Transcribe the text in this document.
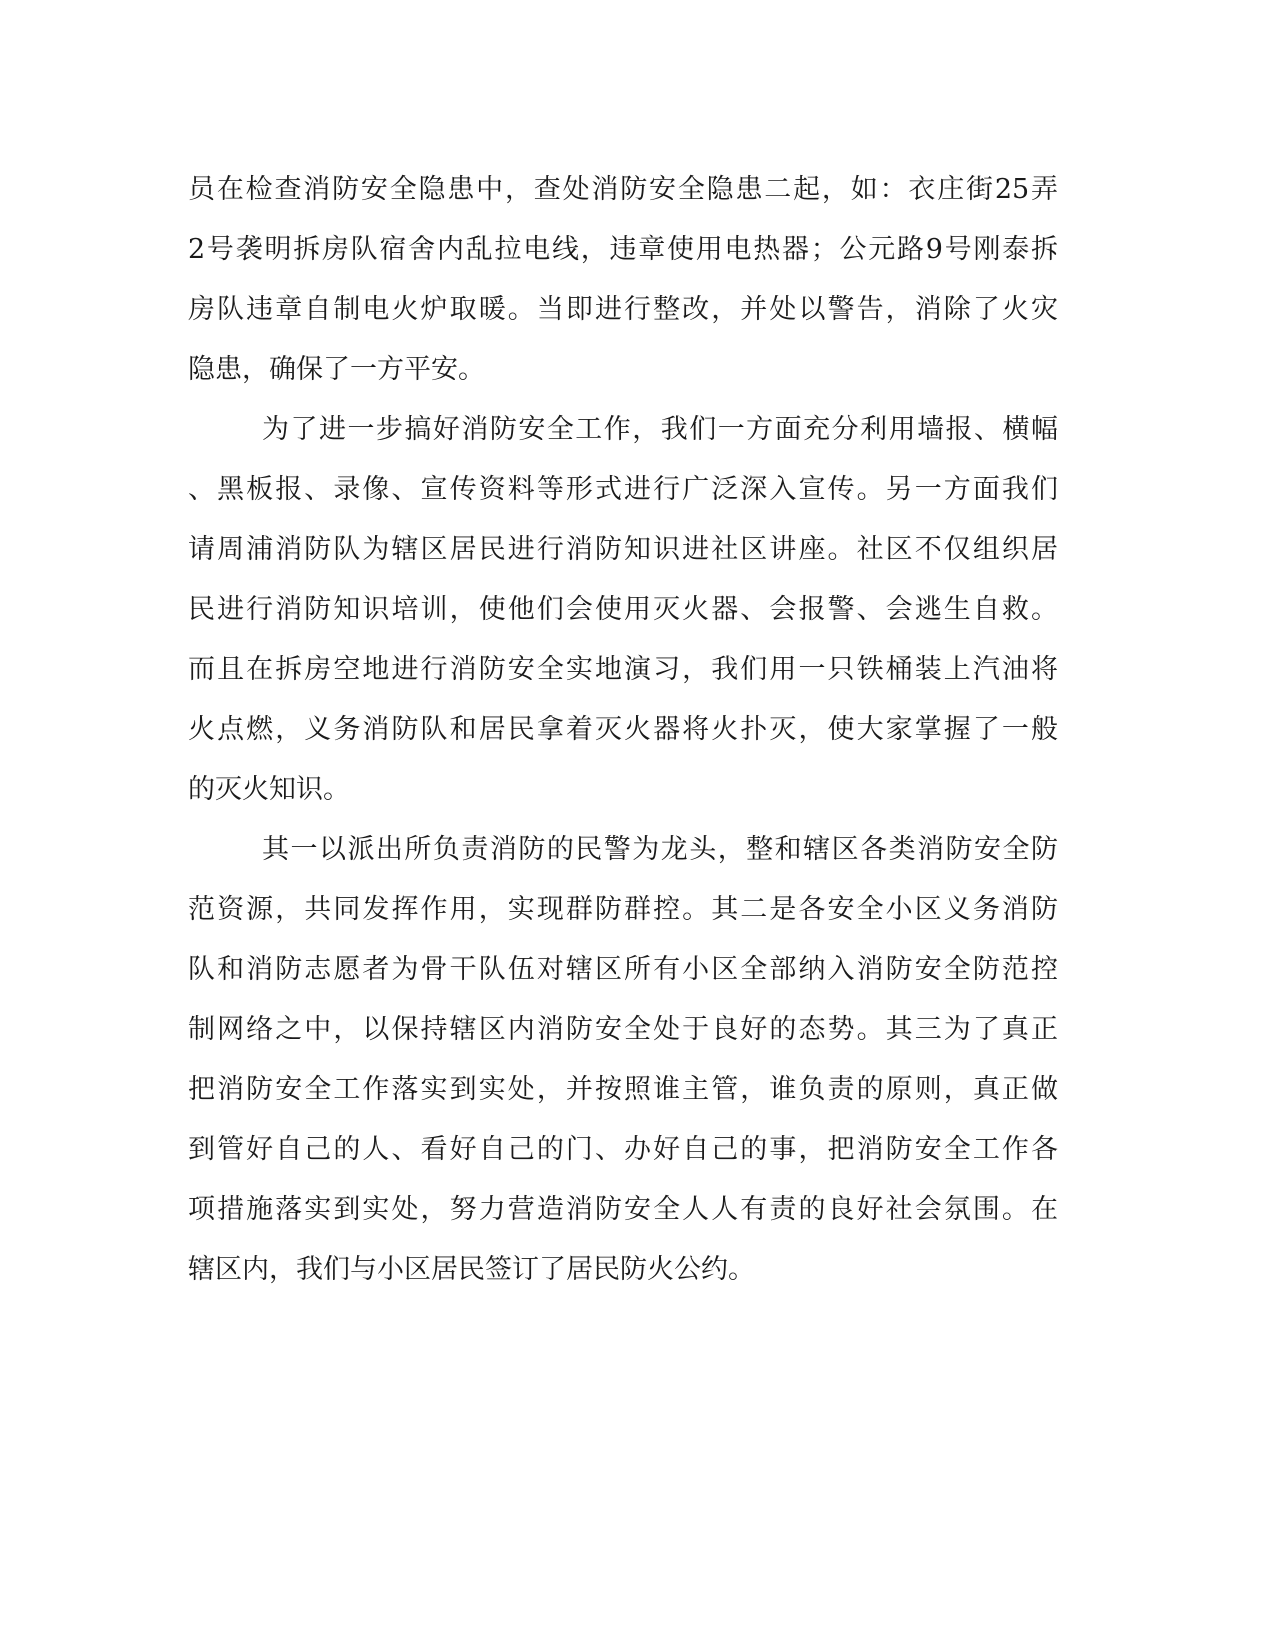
员在检查消防安全隐患中，查处消防安全隐患二起，如：衣庄街25弄
2号袭明拆房队宿舍内乱拉电线，违章使用电热器；公元路9号刚泰拆
房队违章自制电火炉取暖。当即进行整改，并处以警告，消除了火灾
隐患，确保了一方平安。

为了进一步搞好消防安全工作，我们一方面充分利用墙报、横幅
、黑板报、录像、宣传资料等形式进行广泛深入宣传。另一方面我们
请周浦消防队为辖区居民进行消防知识进社区讲座。社区不仅组织居
民进行消防知识培训，使他们会使用灭火器、会报警、会逃生自救。
而且在拆房空地进行消防安全实地演习，我们用一只铁桶装上汽油将
火点燃，义务消防队和居民拿着灭火器将火扑灭，使大家掌握了一般
的灭火知识。

其一以派出所负责消防的民警为龙头，整和辖区各类消防安全防
范资源，共同发挥作用，实现群防群控。其二是各安全小区义务消防
队和消防志愿者为骨干队伍对辖区所有小区全部纳入消防安全防范控
制网络之中，以保持辖区内消防安全处于良好的态势。其三为了真正
把消防安全工作落实到实处，并按照谁主管，谁负责的原则，真正做
到管好自己的人、看好自己的门、办好自己的事，把消防安全工作各
项措施落实到实处，努力营造消防安全人人有责的良好社会氛围。在
辖区内，我们与小区居民签订了居民防火公约。
